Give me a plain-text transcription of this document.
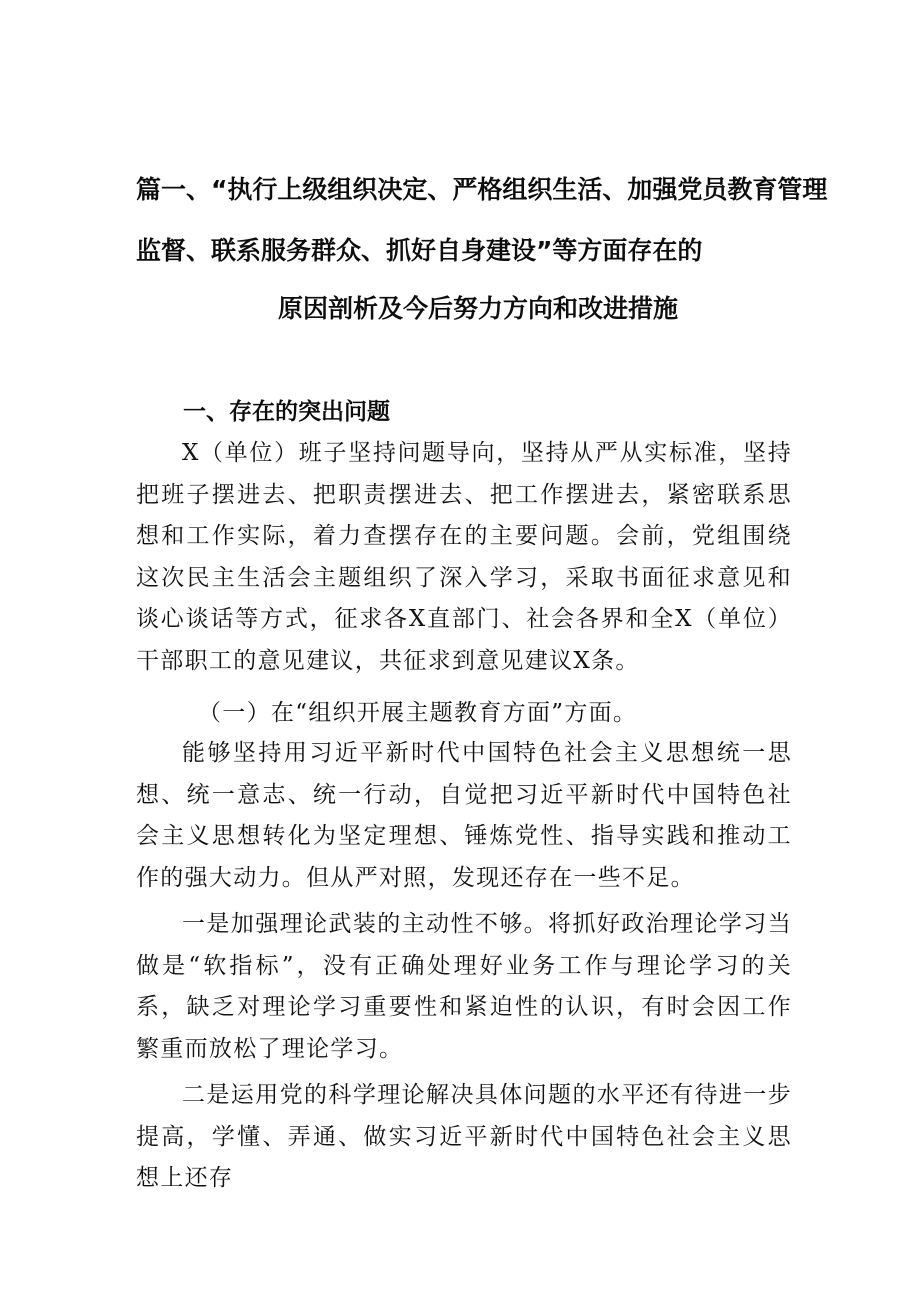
篇一、“执行上级组织决定、严格组织生活、加强党员教育管理
监督、联系服务群众、抓好自身建设”等方面存在的
原因剖析及今后努力方向和改进措施
一、存在的突出问题
X（单位）班子坚持问题导向，坚持从严从实标准，坚持把班子摆进去、把职责摆进去、把工作摆进去，紧密联系思想和工作实际，着力查摆存在的主要问题。会前，党组围绕这次民主生活会主题组织了深入学习，采取书面征求意见和谈心谈话等方式，征求各X直部门、社会各界和全X（单位）干部职工的意见建议，共征求到意见建议X条。
（一）在“组织开展主题教育方面”方面。
能够坚持用习近平新时代中国特色社会主义思想统一思想、统一意志、统一行动，自觉把习近平新时代中国特色社会主义思想转化为坚定理想、锤炼党性、指导实践和推动工作的强大动力。但从严对照，发现还存在一些不足。
一是加强理论武装的主动性不够。将抓好政治理论学习当做是“软指标”，没有正确处理好业务工作与理论学习的关系，缺乏对理论学习重要性和紧迫性的认识，有时会因工作繁重而放松了理论学习。
二是运用党的科学理论解决具体问题的水平还有待进一步提高，学懂、弄通、做实习近平新时代中国特色社会主义思想上还存
